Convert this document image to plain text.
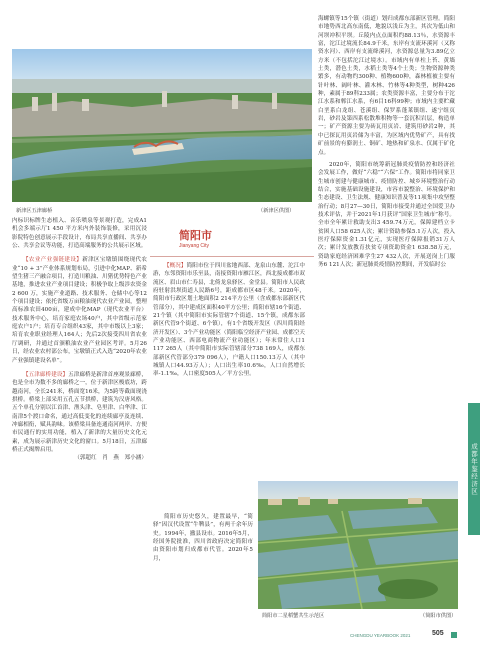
新津区五津廊桥	（新津区供图）

内标识标牌生态植入、音乐喷泉等景观打造，完成A1 机会多端示厅1 450 平方米内外装饰装修，采用沉浸影院特色创意展示手段设计，布局共享直播间、共享办公、共享会议等功能，打造高端服务的公共展示区域。

【农业产业强链建设】新津区宝墩镇围绕现代农业“10 + 3”产业体系规划布局，引进中化MAP、新希望生猪三产融合项目，打造川粮油、川猪优势特色产业基地，推进农业产业项目建设；积极争取上级涉农资金2 600 万，实施产业道路、技术服务、仓储中心等12个项目建设；依托省级万亩粮油现代农业产业园，整理高标准农田400亩，建成中化MAP（现代农业平台）技术服务中心，培育家庭农场40户，其中省级示范家庭农户1户；培育专合组织43家，其中市级以上3家；培育农业职业经理人164人；先后2次接受四川省农业厅调研，并通过首颁粮油农业产业园区考评。5月26日，经农业农村部公布，宝墩镇正式入选“2020年农业产业强镇建设名单”。

【五津廊桥建设】五津廊桥是新津首座观景廊桥，也是全市为数不多的廊桥之一，位于新津区梭底坊，跨越南河，全长241米，桥面宽16米，为5跨等截面现浇拱桥。桥梁上部采用五孔五节拱桥，建筑为汉唐风格。五个单孔分别以江首津、渔头津、皂里津、白华津、江南津5个渡口命名，通过高低变化的连续廊亭及连续、冲廊相衔，赋具韵味。该桥梁具备连通南河两岸、方便市民通行的实用功能，植入了新津的大量历史文化元素，成为展示新津历史文化的窗口。5月18日，五津廊桥正式揭牌启用。

（郭超红　肖　燕　郑小涵）

简阳市
Jianyang City

【概况】简阳市位于四川盆地西部、龙泉山东麓、沱江中游，东邻资阳市乐至县，南接资阳市雁江区，西北接成都市双流区、眉山市仁寿县，北倚龙泉驿区、金堂县。简阳市人民政府驻射洪坝街道人民路6号，距成都市区48千米。2020年，简阳市行政区划土地面积2 214平方公里（含成都东部新区代管部分），其中建成区面积40平方公里；简阳市辖16个街道、21个镇（其中简阳市实际管辖7个街道、15个镇，成都东部新区代管9个街道、6个镇），有1个省级开发区（四川简阳经济开发区）、3个产业功能区（简阳临空经济产业园、成都空天产业功能区、西部电商物流产业功能区）；年末常住人口1 117 265人（其中简阳市实际管辖部分738 169人，成都东部新区代管部分379 096人），户籍人口150.13万人（其中城镇人口44.93万人）；人口出生率10.6‰，人口自然增长率-1.1‰，人口密度505人／平方公里。

简阳市历史悠久，建置最早，“简驿”因汉代设置“牛鞞县”，有两千余年历史。1994年，撤县设市。2016年5月，经国务院批准，四川省政府决定简阳市由资阳市划归成都市代管。2020年5月，

海螺镇等15个镇（街道）划归成都东部新区管理。简阳市地势西北高东南低，地貌以浅丘为主，其次为低山和河坝冲积平坝。丘陵内点点面积约88.13％，水资源丰富，沱江过境流长84.9千米，东岸有支流环溪河（又称资水河）、西岸有支流绛溪河，水资源总量为3.89亿立方米（不包括沱江过境水）。市域内有单柱上苔、黄墙土类，潜色土类，水稻土类等4个土类；生物资源种类繁多，有动物约300种、植物600种，森林植被主要有针叶林、阔叶林、灌木林、竹林等4种类型，树种426种，素属于89科233属；农类资源丰富，主要分布于沱江水系和郫江水系，有6目16科99种；市域内主要贮藏白垩系白龙组、苍溪组、保罗系蓬莱镇组、遂宁组页岩，砂岩及第四系松散堆积物等一套沉积岩层，构造单一；矿产资源主要为砖瓦用页岩、建筑用砂岩2种，其中已探瓦用页岩储为丰富，为区域内优势矿产，具有找矿前景的有膨润土、铜矿、地热和矿泉水、仅属于矿化点。

2020年，简阳市统筹新冠肺炎疫情防控和经济社会发展工作，做好“六稳”“六保”工作。简阳市将同家卫生城市创建与健康城市、疫情防控、城乡环境整治行动结合，实施基础设施建设，市容市貌整治、环境保护和生态建设、卫生法规、健康知识普及等11项集中攻坚整治行动；8月27—30日，简阳市接受并通过全国爱卫办技术评估，并于2021年1月获评“国家卫生城市”称号。全市全年累计救助支出3 459.74万元，保障建档立卡贫困人口58 625人次；累计资助参保5.1万人次，投入医疗保障资金1.31亿元，实现医疗保障报销31万人次；累计发放教育扶贫专项资助资金1 638.58万元，资助家庭经济困难学生27 432人次，开展送岗上门服务6 121人次；新冠肺炎疫情防控期间，开发临时公

简阳市二星稻蟹共生示范区	（简阳市供图）
成都年鉴经济区
CHENGDU YEARBOOK 2021	505
